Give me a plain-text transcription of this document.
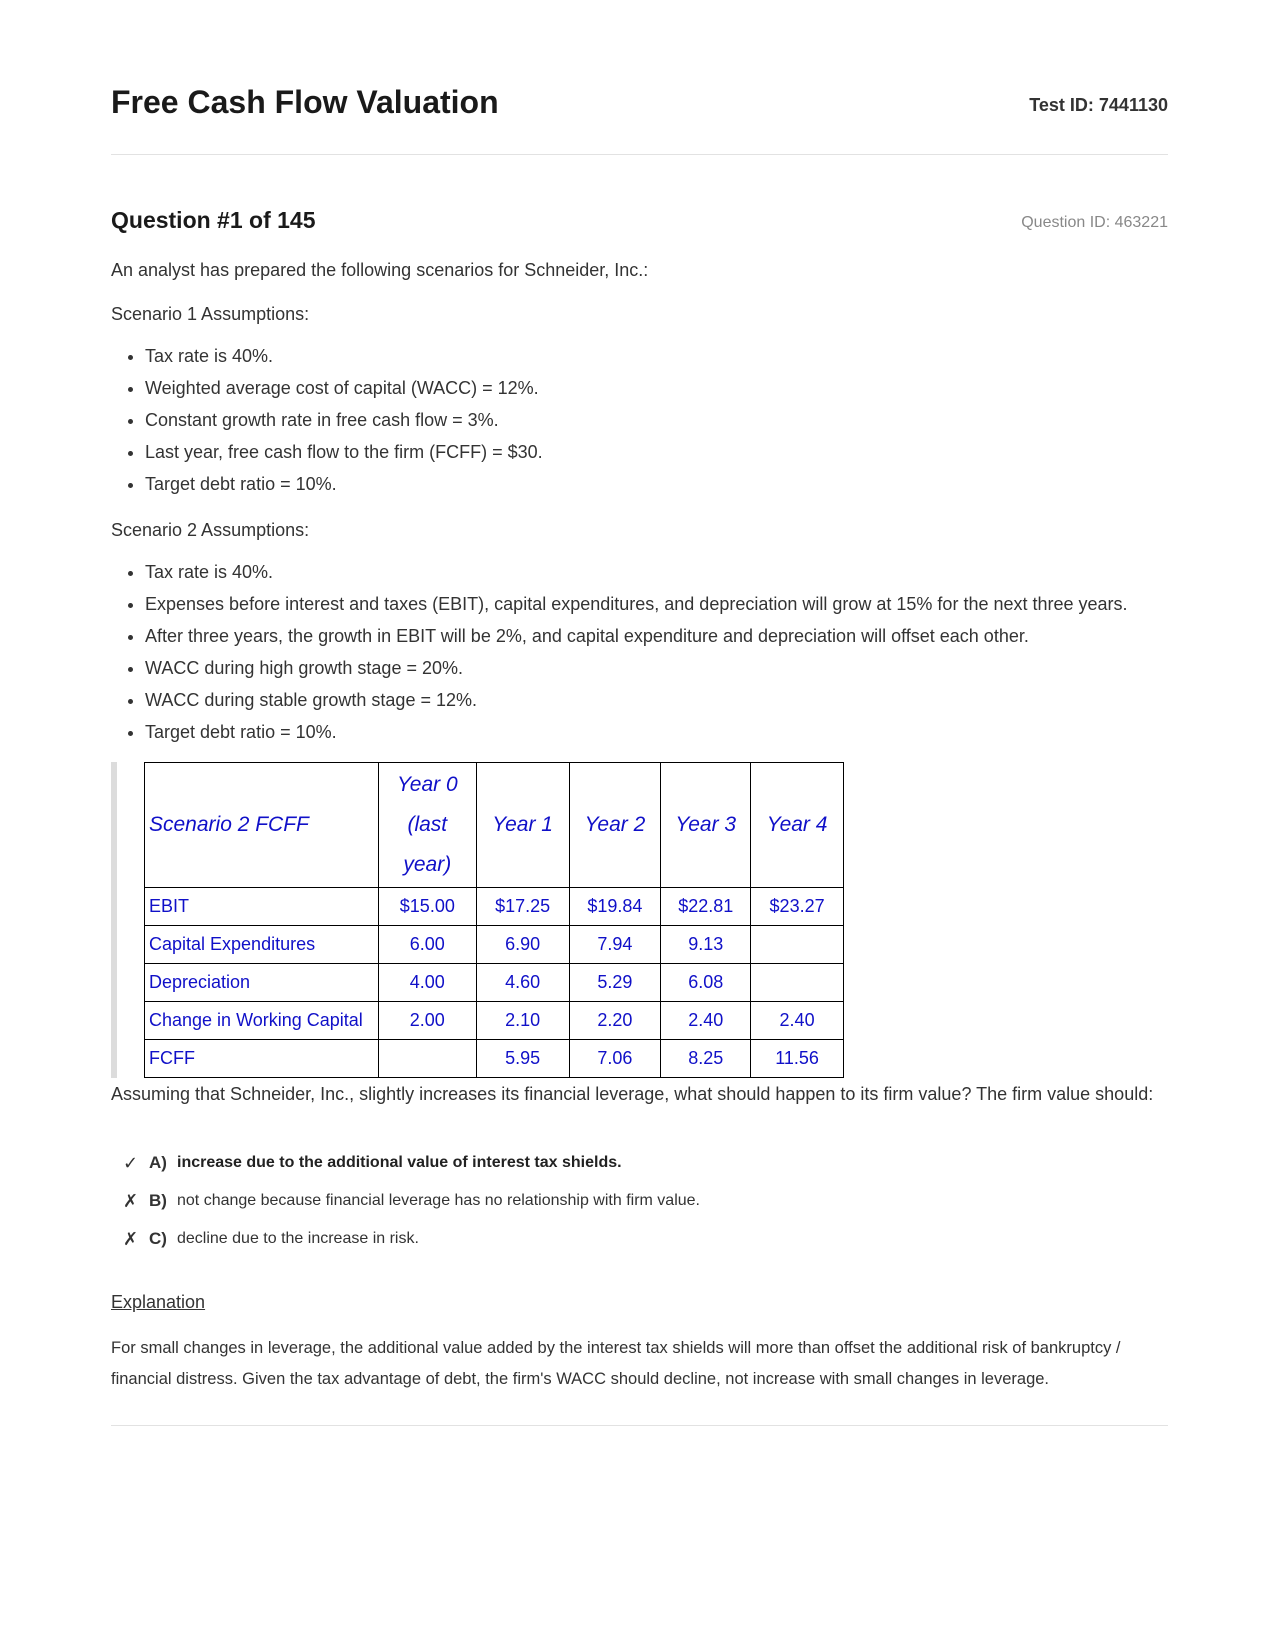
Free Cash Flow Valuation	Test ID: 7441130
Question #1 of 145	Question ID: 463221

An analyst has prepared the following scenarios for Schneider, Inc.:

Scenario 1 Assumptions:

• Tax rate is 40%.
• Weighted average cost of capital (WACC) = 12%.
• Constant growth rate in free cash flow = 3%.
• Last year, free cash flow to the firm (FCFF) = $30.
• Target debt ratio = 10%.

Scenario 2 Assumptions:

• Tax rate is 40%.
• Expenses before interest and taxes (EBIT), capital expenditures, and depreciation will grow at 15% for the next three years.
• After three years, the growth in EBIT will be 2%, and capital expenditure and depreciation will offset each other.
• WACC during high growth stage = 20%.
• WACC during stable growth stage = 12%.
• Target debt ratio = 10%.
Scenario 2 FCFF	Year 0 (last year)	Year 1	Year 2	Year 3	Year 4
EBIT	$15.00	$17.25	$19.84	$22.81	$23.27
Capital Expenditures	6.00	6.90	7.94	9.13	
Depreciation	4.00	4.60	5.29	6.08	
Change in Working Capital	2.00	2.10	2.20	2.40	2.40
FCFF		5.95	7.06	8.25	11.56

Assuming that Schneider, Inc., slightly increases its financial leverage, what should happen to its firm value? The firm value should:

✓ A) increase due to the additional value of interest tax shields.
✗ B) not change because financial leverage has no relationship with firm value.
✗ C) decline due to the increase in risk.
Explanation

For small changes in leverage, the additional value added by the interest tax shields will more than offset the additional risk of bankruptcy / financial distress. Given the tax advantage of debt, the firm's WACC should decline, not increase with small changes in leverage.
